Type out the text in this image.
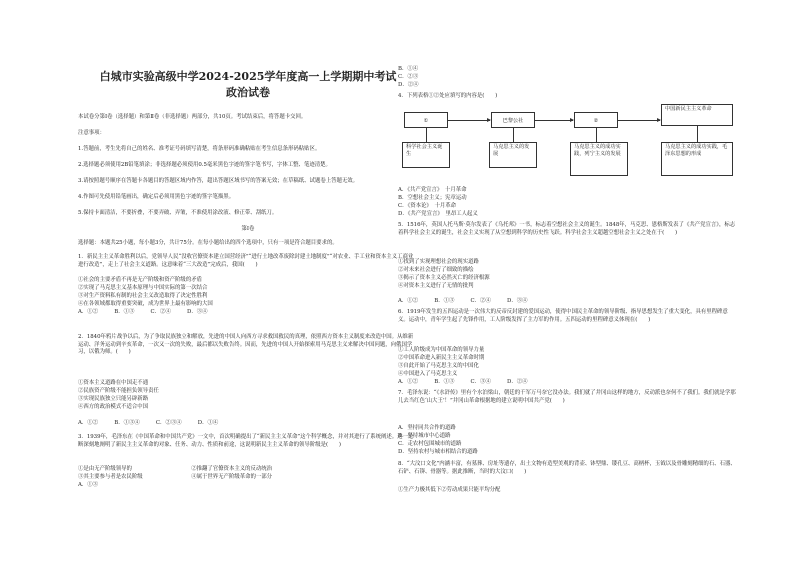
白城市实验高级中学2024-2025学年度高一上学期期中考试
政治试卷
本试卷分第Ⅰ卷（选择题）和第Ⅱ卷（非选择题）两部分，共10页。考试结束后，将答题卡交回。
注意事项：
1.答题前，考生先将自己的姓名、准考证号码填写清楚，将条形码准确粘贴在考生信息条形码粘贴区。
2.选择题必须使用2B铅笔填涂；非选择题必须使用0.5毫米黑色字迹的签字笔书写，字体工整、笔迹清楚。
3.请按照题号顺序在答题卡各题目的答题区域内作答，超出答题区域书写的答案无效；在草稿纸、试题卷上答题无效。
4.作图可先使用铅笔画出，确定后必须用黑色字迹的签字笔描黑。
5.保持卡面清洁，不要折叠，不要弄破、弄皱，不准使用涂改液、修正带、刮纸刀。
第Ⅰ卷
选择题：本题共25小题，每小题3分，共计75分。在每小题给出的四个选项中，只有一项是符合题目要求的。
1．新民主主义革命胜利以后，党领导人民“没收官僚资本建立国营经济”“进行土地改革废除封建土地制度”“对农业、手工业和资本主义工商业进行改造”，走上了社会主义道路。这意味着“三大改造”完成后，我国(　　)
①社会的主要矛盾不再是无产阶级和资产阶级的矛盾
②实现了马克思主义基本原理与中国实际的第一次结合
③对生产资料私有制的社会主义改造取得了决定性胜利
④在各领域都取得重要突破，成为世界上最有影响的大国
A．①②　　　B．①③　　　C．②④　　　D．③④
2．1840年鸦片战争以后，为了争取民族独立和解放，先进的中国人向西方寻求救国救民的真理，依照西方资本主义制度来改造中国。从维新运动、洋务运动到辛亥革命，一次又一次的失败，最后都以失败告终。因而，先进的中国人开始探索用马克思主义来解决中国问题，向俄国学习，以俄为师。(　　)
①资本主义道路在中国走不通
②民族资产阶级不能担负领导责任
③实现民族独立只能另辟新路
④西方的政治模式不适合中国
A．①②　　　B．①③④　　　C．②③④　　　D．①④
3．1939年，毛泽东在《中国革命和中国共产党》一文中，首次明确提出了“新民主主义革命”这个科学概念，并对其进行了系统阐述。这一论断深刻地阐明了新民主主义革命的对象、任务、动力、性质和前途，这说明新民主主义革命的领导阶级是(　　)
①是由无产阶级领导的　　　　　　　　　　　②推翻了官僚资本主义的反动统治
③其主要参与者是农民阶级　　　　　　　　　④属于世界无产阶级革命的一部分
A．①③
B．①④
C．②③
D．②④
4．下列表格①②处应填写的内容是(　　)
①	巴黎公社	②
中国新民主主义革命
科学社会主义诞生
马克思主义的发展
马克思主义的成功实践，列宁主义的发展
马克思主义的成功实践，毛泽东思想的形成
A．《共产党宣言》　十月革命
B．空想社会主义；宪章运动
C．《资本论》　十月革命
D．《共产党宣言》　里昂工人起义
5．1516年，英国人托马斯·莫尔发表了《乌托邦》一书，标志着空想社会主义的诞生。1848年，马克思、恩格斯发表了《共产党宣言》，标志着科学社会主义的诞生，社会主义实现了从空想到科学的历史性飞跃。科学社会主义超越空想社会主义之处在于(　　)
①找到了实现理想社会的现实道路
②对未来社会进行了细致的描绘
③揭示了资本主义必然灭亡的经济根源
④对资本主义进行了无情的批判
A．①②　　　B．①③　　　C．②④　　　D．③④
6．1919年发生的五四运动是一次伟大的反帝反封建的爱国运动，使得中国民主革命的领导阶级、指导思想发生了重大变化，具有里程碑意义。运动中，青年学生起了先锋作用，工人阶级发挥了主力军的作用。五四运动的里程碑意义体现在(　　)
①工人阶级成为中国革命的领导力量
②中国革命进入新民主主义革命时期
③自此开始了马克思主义的中国化
④中国进入了马克思主义
A．①②　　　B．①③　　　C．③④　　　D．②④
7．毛泽东说：“《水浒传》里有个水泊梁山，朝廷的千军万马奈它没办法。我们就了井冈山这样的地方，反动派也奈何不了我们。我们就是学那儿去当红色‘山大王’！”井冈山革命根据地的建立说明中国共产党(　　)
A．坚持同共合作的道路
B．坚持城市中心道路
C．走农村包围城市的道路
D．坚持农村与城市相结合的道路
8．“大汶口文化”内涵丰富，有墓葬、房址等遗存，出土文物有造型美观的背壶、钵型鼎、镂孔豆、高柄杯，玉钺以及骨雕刻精细的石、石器、石铲、石锛、骨器等。据此推断，当时的大汶口(　　)
①生产力极其低下②劳动成果只能平均分配
